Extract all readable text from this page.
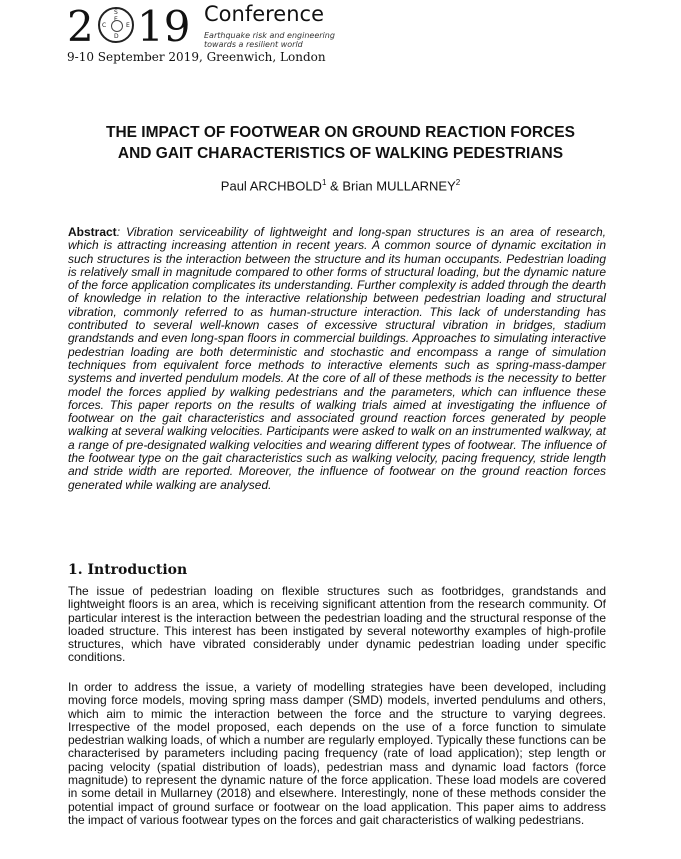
2	S
E
C	E
D 19 Conference
Earthquake risk and engineering
towards a resilient world
9-10 September 2019, Greenwich, London
THE IMPACT OF FOOTWEAR ON GROUND REACTION FORCES
AND GAIT CHARACTERISTICS OF WALKING PEDESTRIANS
Paul ARCHBOLD$^1$ & Brian MULLARNEY$^2$
Abstract: Vibration serviceability of lightweight and long-span structures is an area of research, which is attracting increasing attention in recent years. A common source of dynamic excitation in such structures is the interaction between the structure and its human occupants. Pedestrian loading is relatively small in magnitude compared to other forms of structural loading, but the dynamic nature of the force application complicates its understanding. Further complexity is added through the dearth of knowledge in relation to the interactive relationship between pedestrian loading and structural vibration, commonly referred to as human-structure interaction. This lack of understanding has contributed to several well-known cases of excessive structural vibration in bridges, stadium grandstands and even long-span floors in commercial buildings. Approaches to simulating interactive pedestrian loading are both deterministic and stochastic and encompass a range of simulation techniques from equivalent force methods to interactive elements such as spring-mass-damper systems and inverted pendulum models. At the core of all of these methods is the necessity to better model the forces applied by walking pedestrians and the parameters, which can influence these forces. This paper reports on the results of walking trials aimed at investigating the influence of footwear on the gait characteristics and associated ground reaction forces generated by people walking at several walking velocities. Participants were asked to walk on an instrumented walkway, at a range of pre-designated walking velocities and wearing different types of footwear. The influence of the footwear type on the gait characteristics such as walking velocity, pacing frequency, stride length and stride width are reported. Moreover, the influence of footwear on the ground reaction forces generated while walking are analysed.
1. Introduction
The issue of pedestrian loading on flexible structures such as footbridges, grandstands and lightweight floors is an area, which is receiving significant attention from the research community. Of particular interest is the interaction between the pedestrian loading and the structural response of the loaded structure. This interest has been instigated by several noteworthy examples of high-profile structures, which have vibrated considerably under dynamic pedestrian loading under specific conditions.
In order to address the issue, a variety of modelling strategies have been developed, including moving force models, moving spring mass damper (SMD) models, inverted pendulums and others, which aim to mimic the interaction between the force and the structure to varying degrees. Irrespective of the model proposed, each depends on the use of a force function to simulate pedestrian walking loads, of which a number are regularly employed. Typically these functions can be characterised by parameters including pacing frequency (rate of load application); step length or pacing velocity (spatial distribution of loads), pedestrian mass and dynamic load factors (force magnitude) to represent the dynamic nature of the force application. These load models are covered in some detail in Mullarney (2018) and elsewhere. Interestingly, none of these methods consider the potential impact of ground surface or footwear on the load application. This paper aims to address the impact of various footwear types on the forces and gait characteristics of walking pedestrians.
